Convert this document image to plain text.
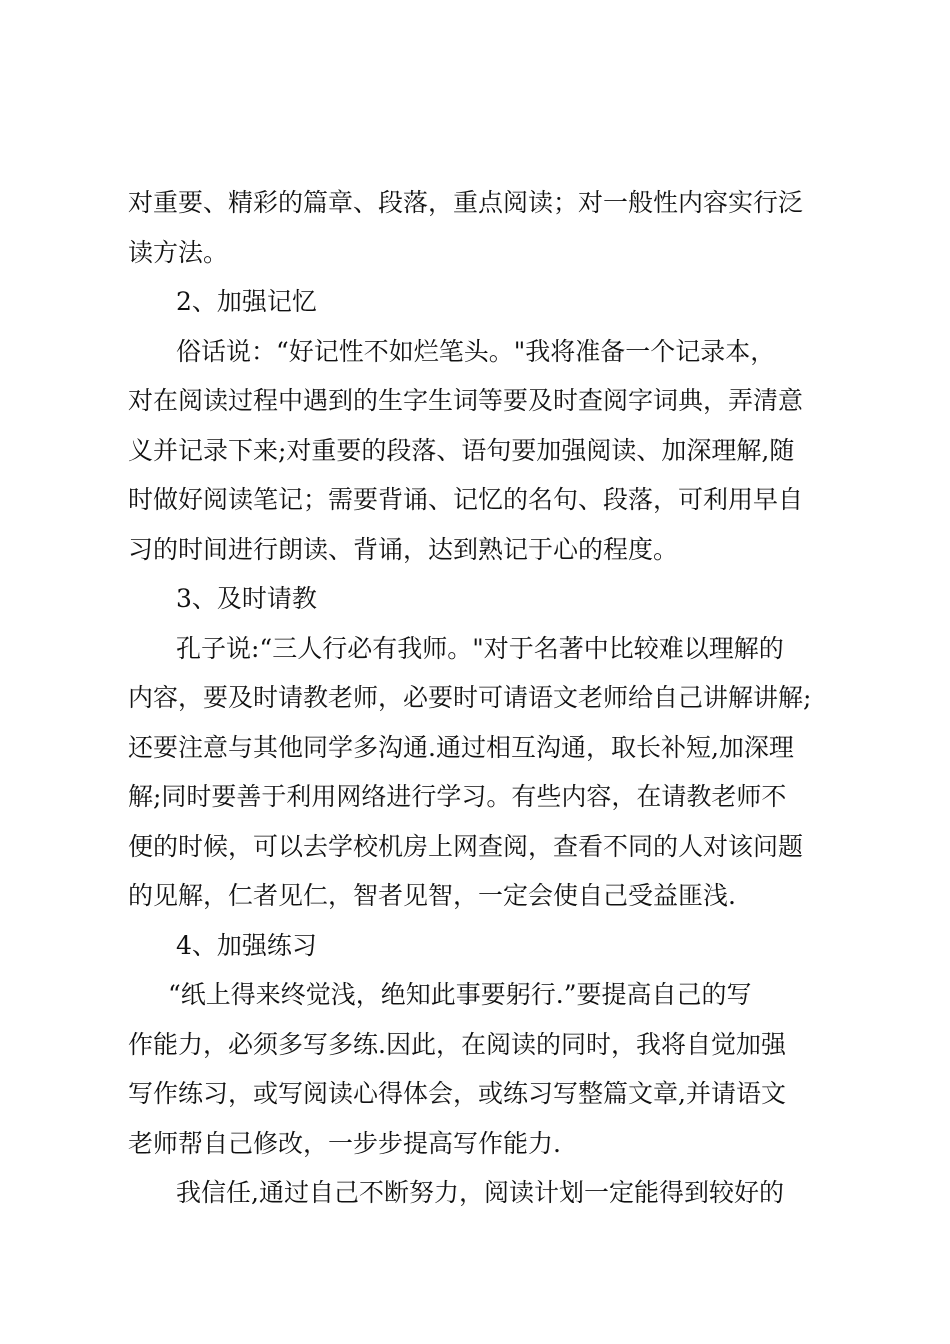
对重要、精彩的篇章、段落，重点阅读；对一般性内容实行泛
读方法。
2、加强记忆
俗话说：“好记性不如烂笔头。"我将准备一个记录本，
对在阅读过程中遇到的生字生词等要及时查阅字词典，弄清意
义并记录下来;对重要的段落、语句要加强阅读、加深理解,随
时做好阅读笔记；需要背诵、记忆的名句、段落，可利用早自
习的时间进行朗读、背诵，达到熟记于心的程度。
3、及时请教
孔子说:“三人行必有我师。"对于名著中比较难以理解的
内容，要及时请教老师，必要时可请语文老师给自己讲解讲解;
还要注意与其他同学多沟通.通过相互沟通，取长补短,加深理
解;同时要善于利用网络进行学习。有些内容，在请教老师不
便的时候，可以去学校机房上网查阅，查看不同的人对该问题
的见解，仁者见仁，智者见智，一定会使自己受益匪浅.
4、加强练习
“纸上得来终觉浅，绝知此事要躬行.”要提高自己的写
作能力，必须多写多练.因此，在阅读的同时，我将自觉加强
写作练习，或写阅读心得体会，或练习写整篇文章,并请语文
老师帮自己修改，一步步提高写作能力.
我信任,通过自己不断努力，阅读计划一定能得到较好的
